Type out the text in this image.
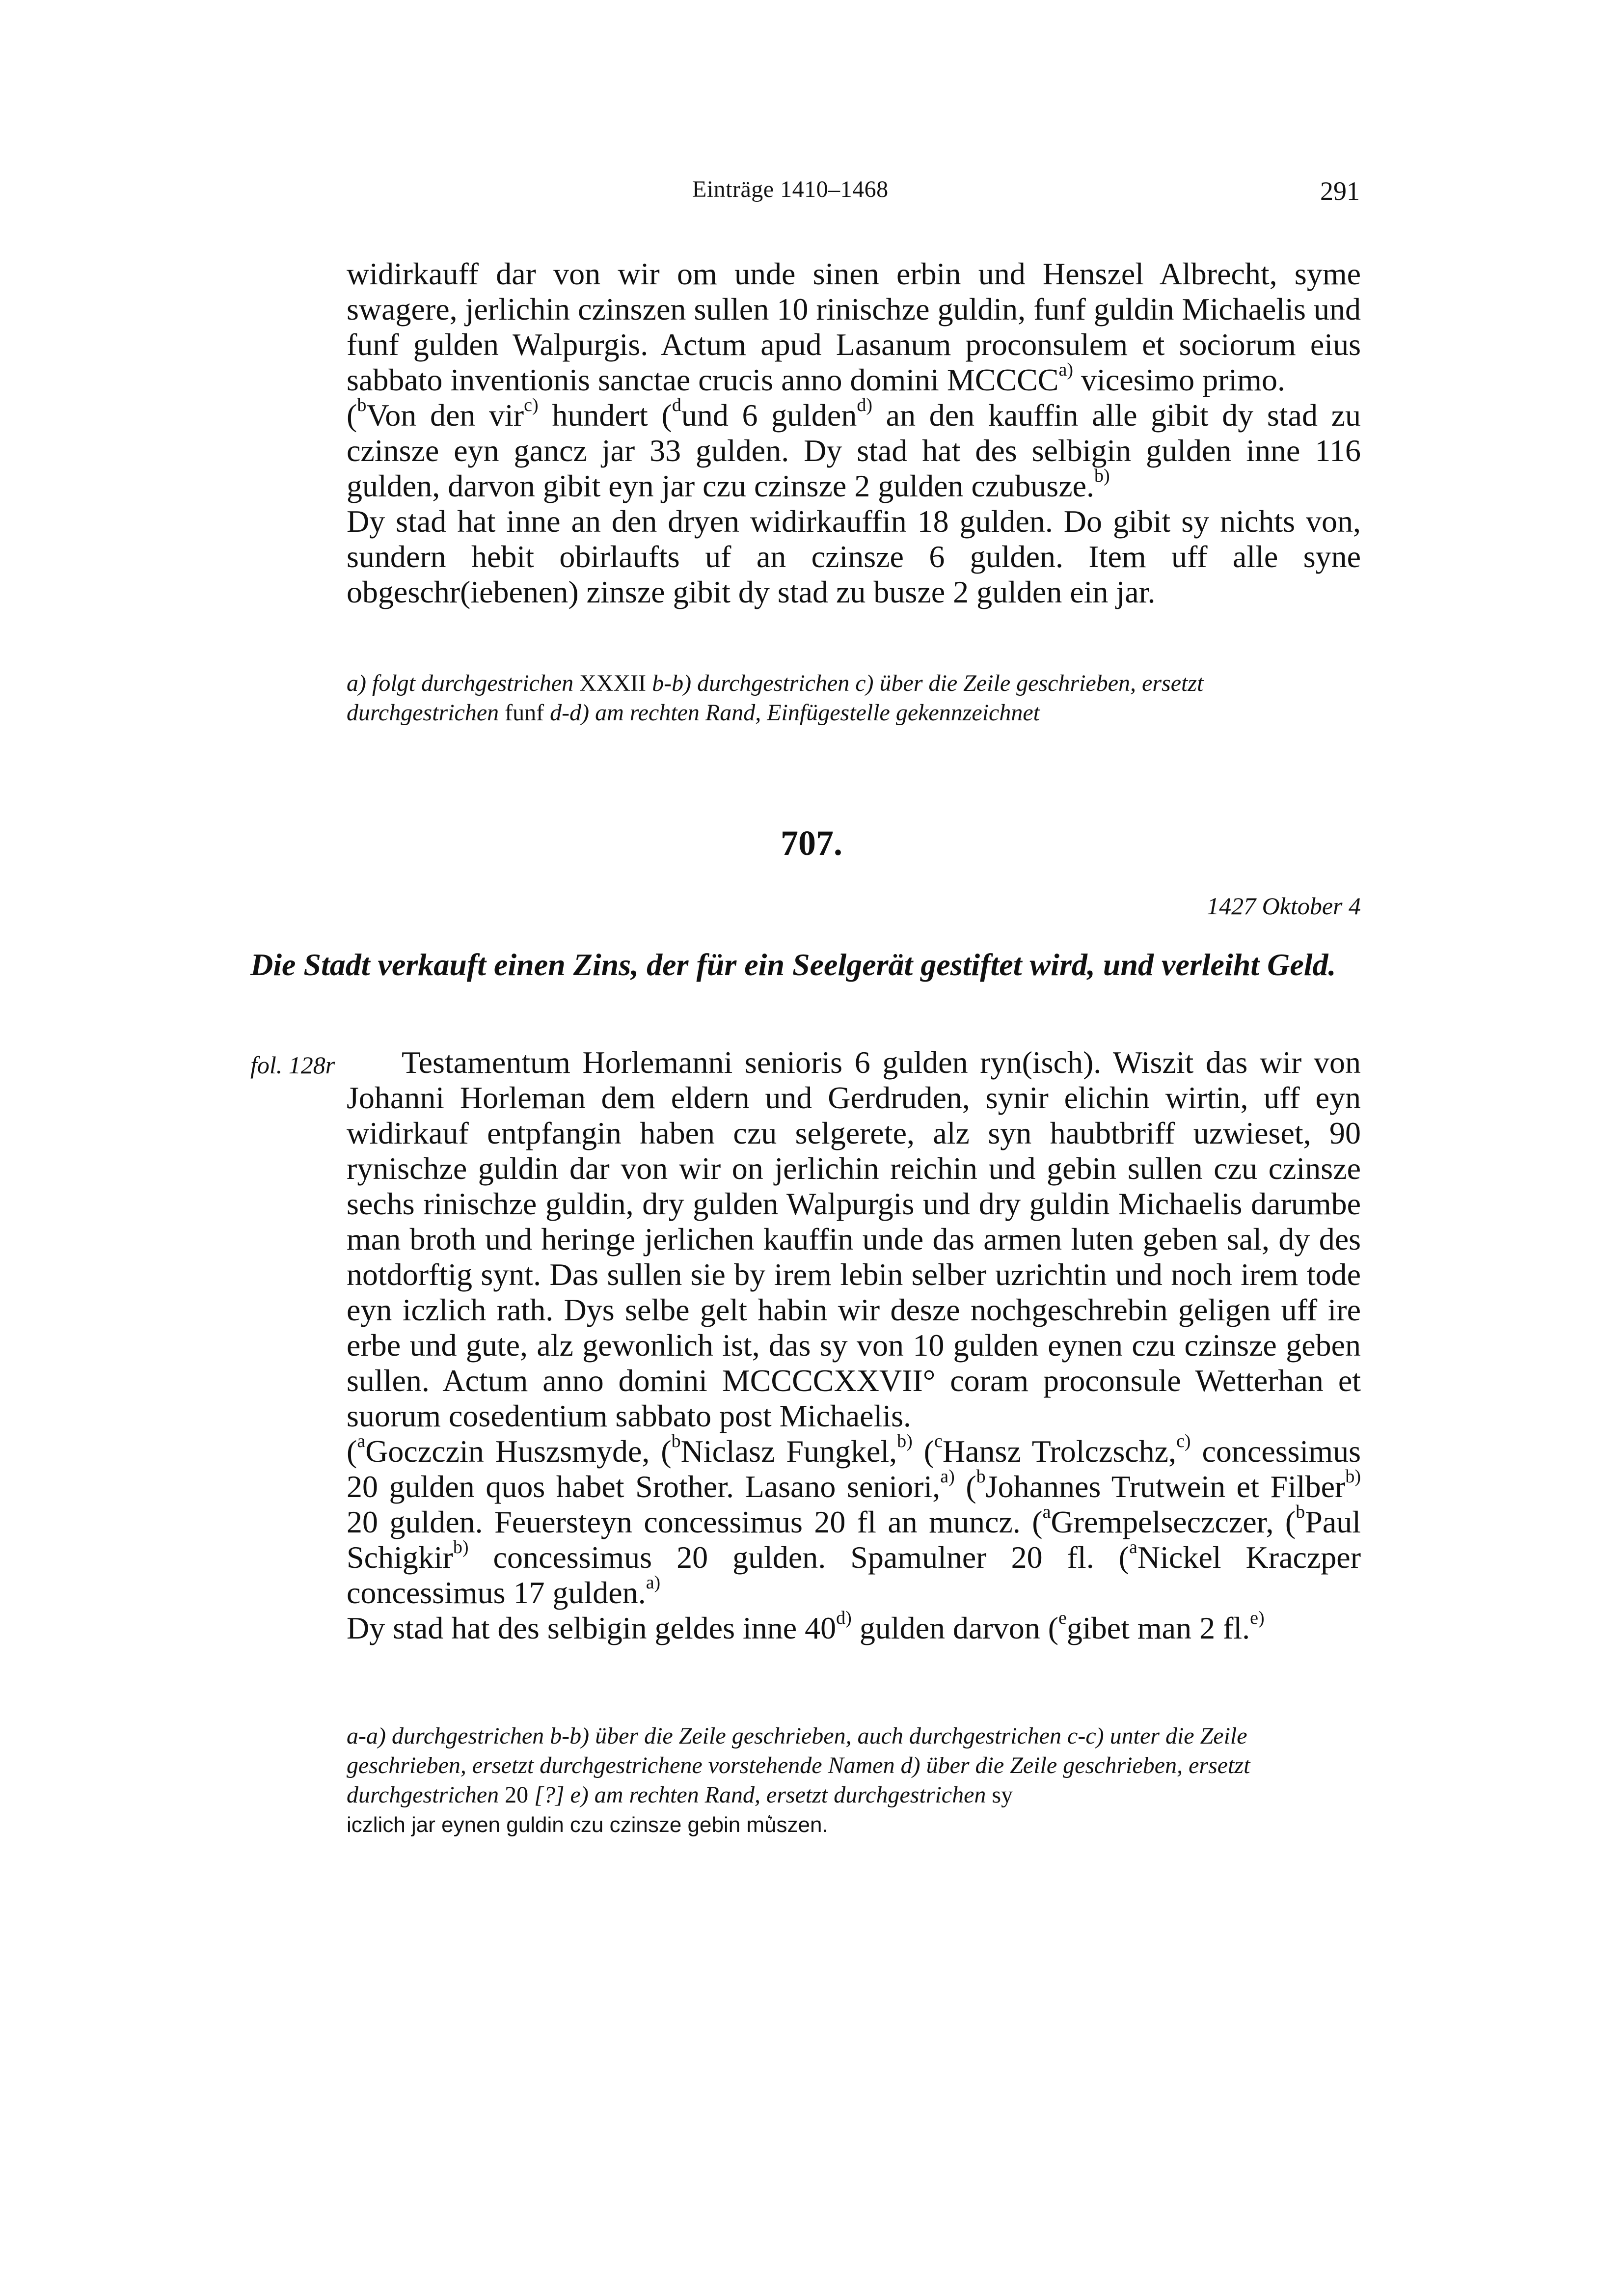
Einträge 1410–1468	291

widirkauff dar von wir om unde sinen erbin und Henszel Albrecht, syme swagere, jerlichin czinszen sullen 10 rinischze guldin, funf guldin Michaelis und funf gulden Walpurgis. Actum apud Lasanum proconsulem et sociorum eius sabbato inventionis sanctae crucis anno domini MCCCC$^{a)}$ vicesimo primo.

($^b$Von den vir$^{c)}$ hundert ($^d$und 6 gulden$^{d)}$ an den kauffin alle gibit dy stad zu czinsze eyn gancz jar 33 gulden. Dy stad hat des selbigin gulden inne 116 gulden, darvon gibit eyn jar czu czinsze 2 gulden czubusze.$^{b)}$

Dy stad hat inne an den dryen widirkauffin 18 gulden. Do gibit sy nichts von, sundern hebit obirlaufts uf an czinsze 6 gulden. Item uff alle syne obgeschr(iebenen) zinsze gibit dy stad zu busze 2 gulden ein jar.

a) folgt durchgestrichen XXXII b-b) durchgestrichen c) über die Zeile geschrieben, ersetzt durchgestrichen funf d-d) am rechten Rand, Einfügestelle gekennzeichnet
707.
1427 Oktober 4
Die Stadt verkauft einen Zins, der für ein Seelgerät gestiftet wird, und verleiht Geld.
fol. 128r	Testamentum Horlemanni senioris 6 gulden ryn(isch). Wiszit das wir von Johanni Horleman dem eldern und Gerdruden, synir elichin wirtin, uff eyn widirkauf entpfangin haben czu selgerete, alz syn haubtbriff uzwieset, 90 rynischze guldin dar von wir on jerlichin reichin und gebin sullen czu czinsze sechs rinischze guldin, dry gulden Walpurgis und dry guldin Michaelis darumbe man broth und heringe jerlichen kauffin unde das armen luten geben sal, dy des notdorftig synt. Das sullen sie by irem lebin selber uzrichtin und noch irem tode eyn iczlich rath. Dys selbe gelt habin wir desze nochgeschrebin geligen uff ire erbe und gute, alz gewonlich ist, das sy von 10 gulden eynen czu czinsze geben sullen. Actum anno domini MCCCCXXVII° coram proconsule Wetterhan et suorum cosedentium sabbato post Michaelis.

($^a$Goczczin Huszsmyde, ($^b$Niclasz Fungkel,$^{b)}$ ($^c$Hansz Trolczschz,$^{c)}$ concessimus 20 gulden quos habet Srother. Lasano seniori,$^{a)}$ ($^b$Johannes Trutwein et Filber$^{b)}$ 20 gulden. Feuersteyn concessimus 20 fl an muncz. ($^a$Grempelseczczer, ($^b$Paul Schigkir$^{b)}$ concessimus 20 gulden. Spamulner 20 fl. ($^a$Nickel Kraczper concessimus 17 gulden.$^{a)}$

Dy stad hat des selbigin geldes inne 40$^{d)}$ gulden darvon ($^e$gibet man 2 fl.$^{e)}$

a-a) durchgestrichen b-b) über die Zeile geschrieben, auch durchgestrichen c-c) unter die Zeile geschrieben, ersetzt durchgestrichene vorstehende Namen d) über die Zeile geschrieben, ersetzt durchgestrichen 20 [?] e) am rechten Rand, ersetzt durchgestrichen sy
iczlich jar eynen guldin czu czinsze gebin mu͛szen.
